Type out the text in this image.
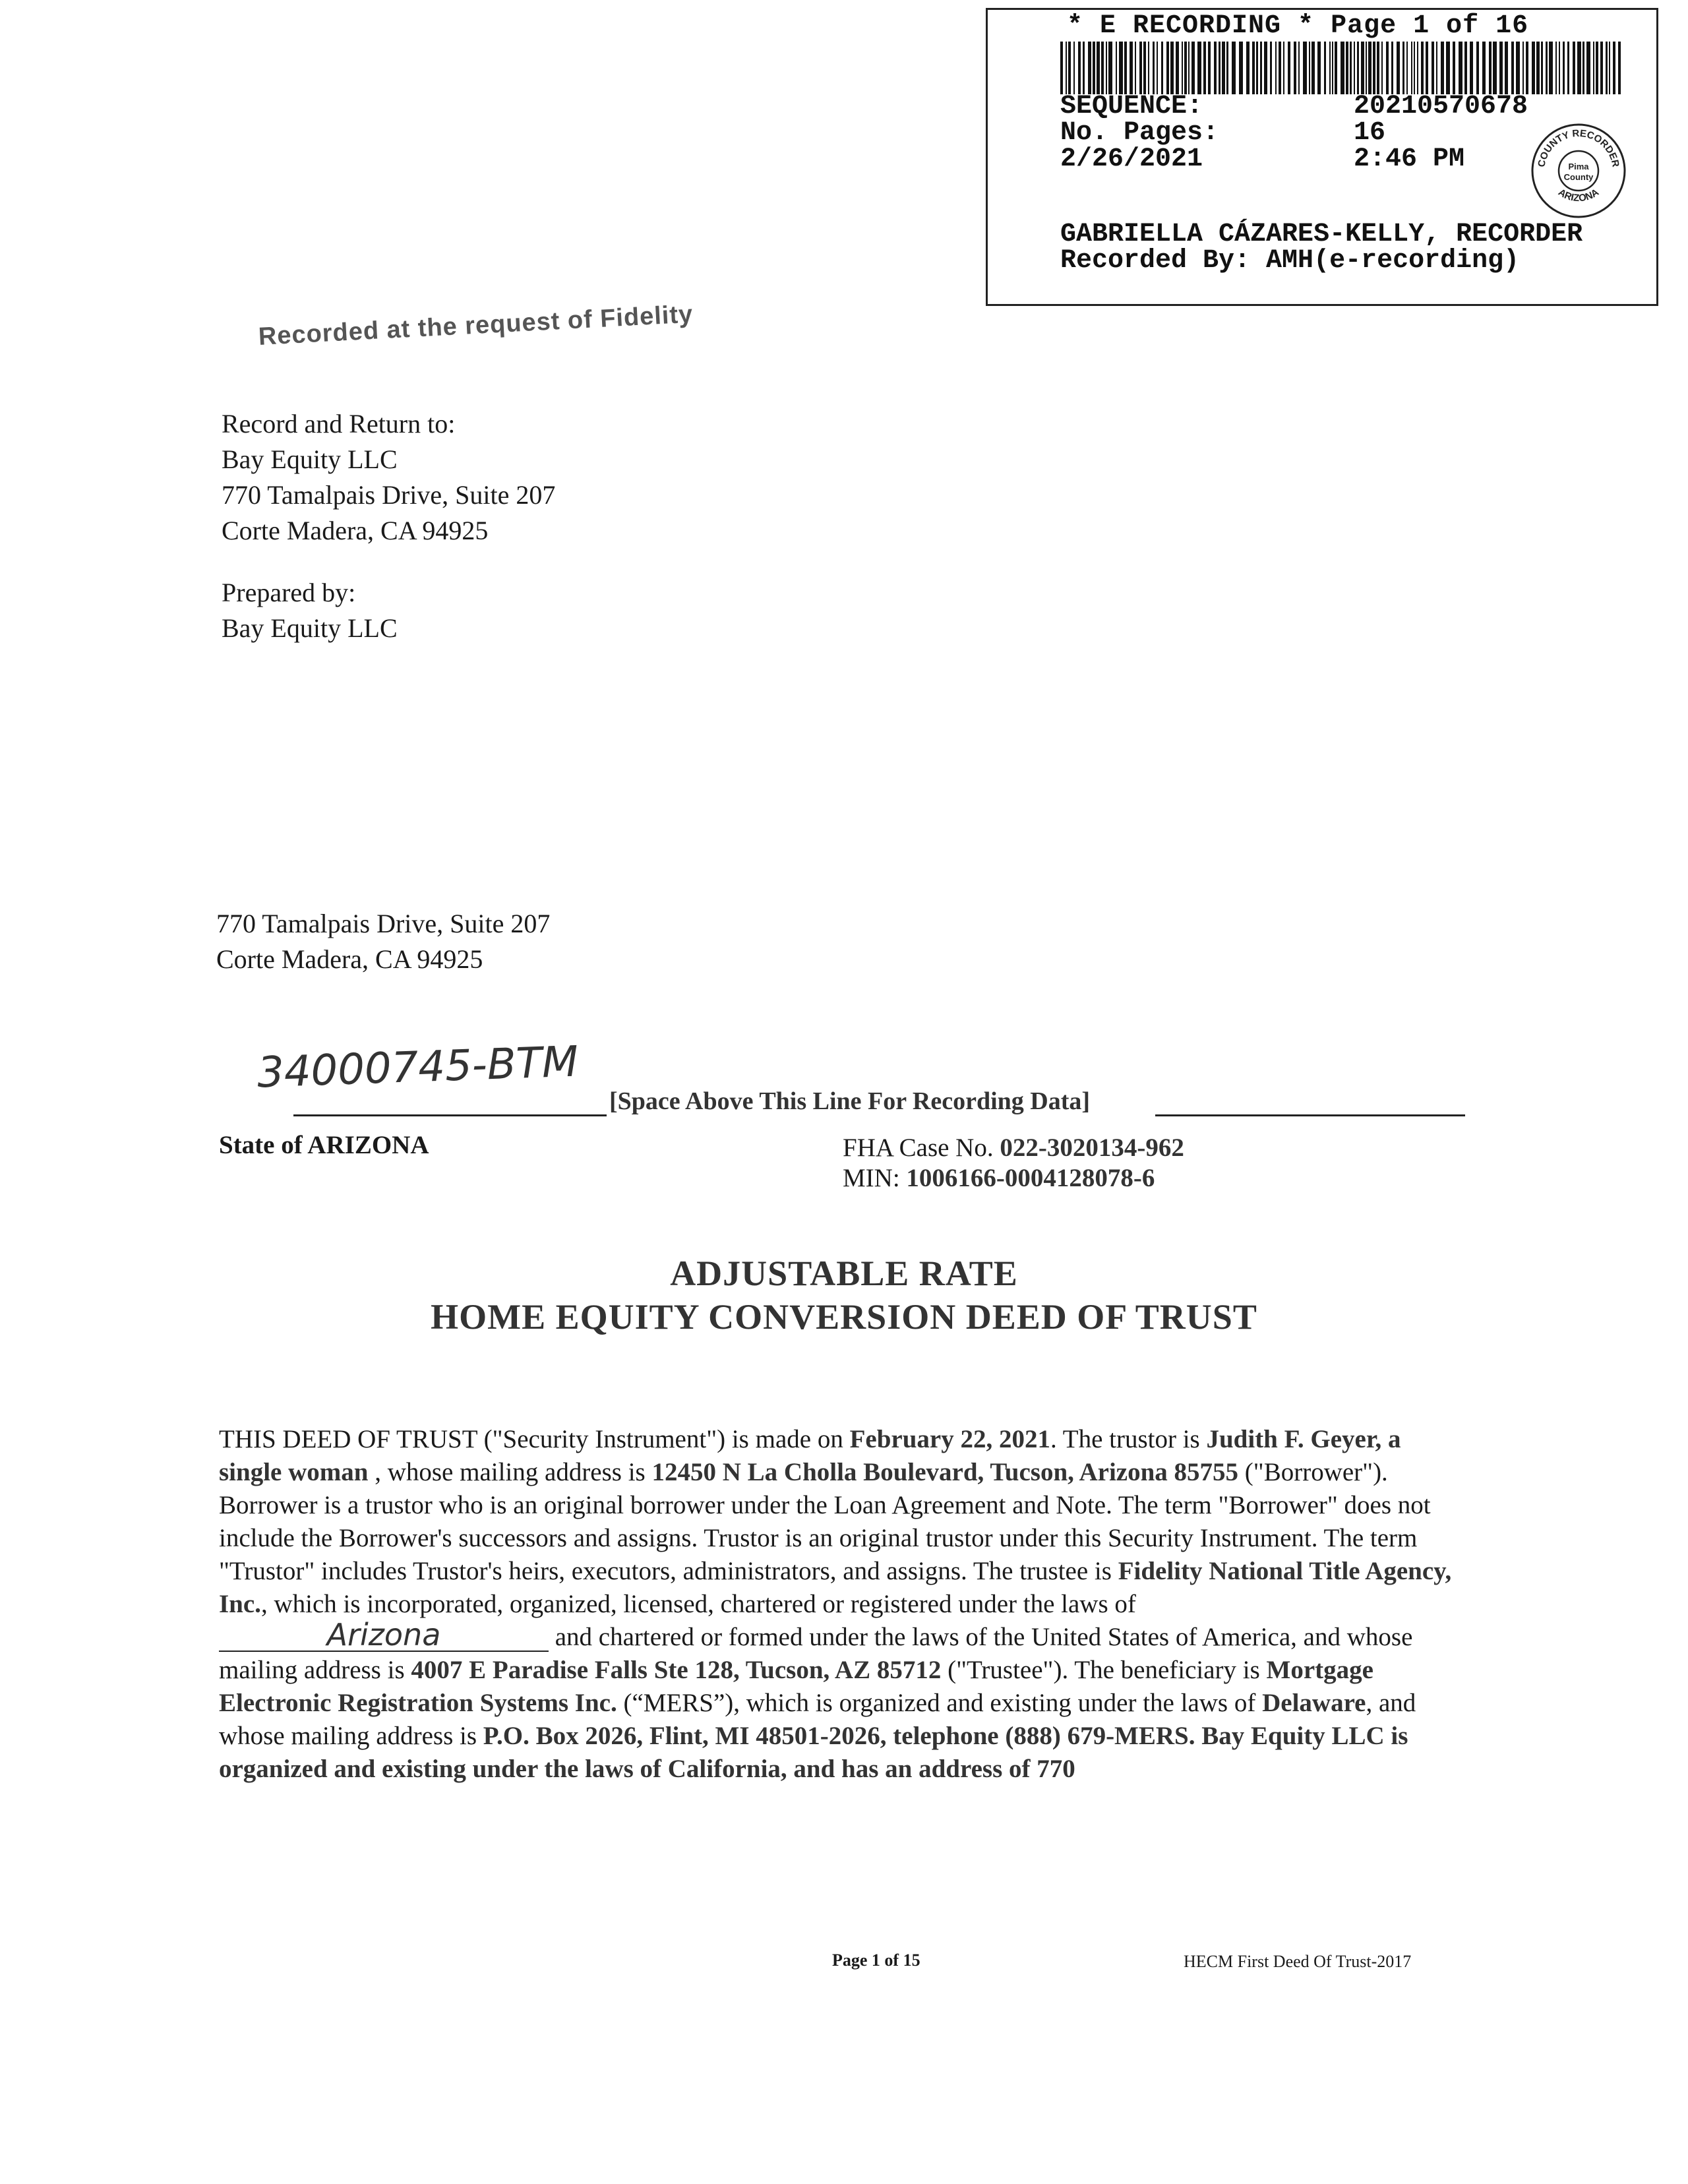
* E RECORDING * Page 1 of 16
SEQUENCE:	20210570678
No. Pages:	16
2/26/2021	2:46 PM	COUNTY RECORDER
ARIZONA
Pima
County
GABRIELLA CÁZARES-KELLY, RECORDER
Recorded By: AMH(e-recording)
Recorded at the request of Fidelity
Record and Return to:
Bay Equity LLC
770 Tamalpais Drive, Suite 207
Corte Madera, CA 94925
Prepared by:
Bay Equity LLC
770 Tamalpais Drive, Suite 207
Corte Madera, CA 94925
34000745-BTM
[Space Above This Line For Recording Data]
State of ARIZONA	FHA Case No. 022-3020134-962
MIN: 1006166-0004128078-6
ADJUSTABLE RATE
HOME EQUITY CONVERSION DEED OF TRUST
THIS DEED OF TRUST ("Security Instrument") is made on February 22, 2021. The trustor is Judith F. Geyer, a single woman , whose mailing address is 12450 N La Cholla Boulevard, Tucson, Arizona 85755 ("Borrower"). Borrower is a trustor who is an original borrower under the Loan Agreement and Note. The term "Borrower" does not include the Borrower's successors and assigns. Trustor is an original trustor under this Security Instrument. The term "Trustor" includes Trustor's heirs, executors, administrators, and assigns. The trustee is Fidelity National Title Agency, Inc., which is incorporated, organized, licensed, chartered or registered under the laws of Arizona	and chartered or formed under the laws of the United States of America, and whose mailing address is 4007 E Paradise Falls Ste 128, Tucson, AZ 85712 ("Trustee"). The beneficiary is Mortgage Electronic Registration Systems Inc. (“MERS”), which is organized and existing under the laws of Delaware, and whose mailing address is P.O. Box 2026, Flint, MI 48501-2026, telephone (888) 679-MERS. Bay Equity LLC is organized and existing under the laws of California, and has an address of 770
Page 1 of 15	HECM First Deed Of Trust-2017
